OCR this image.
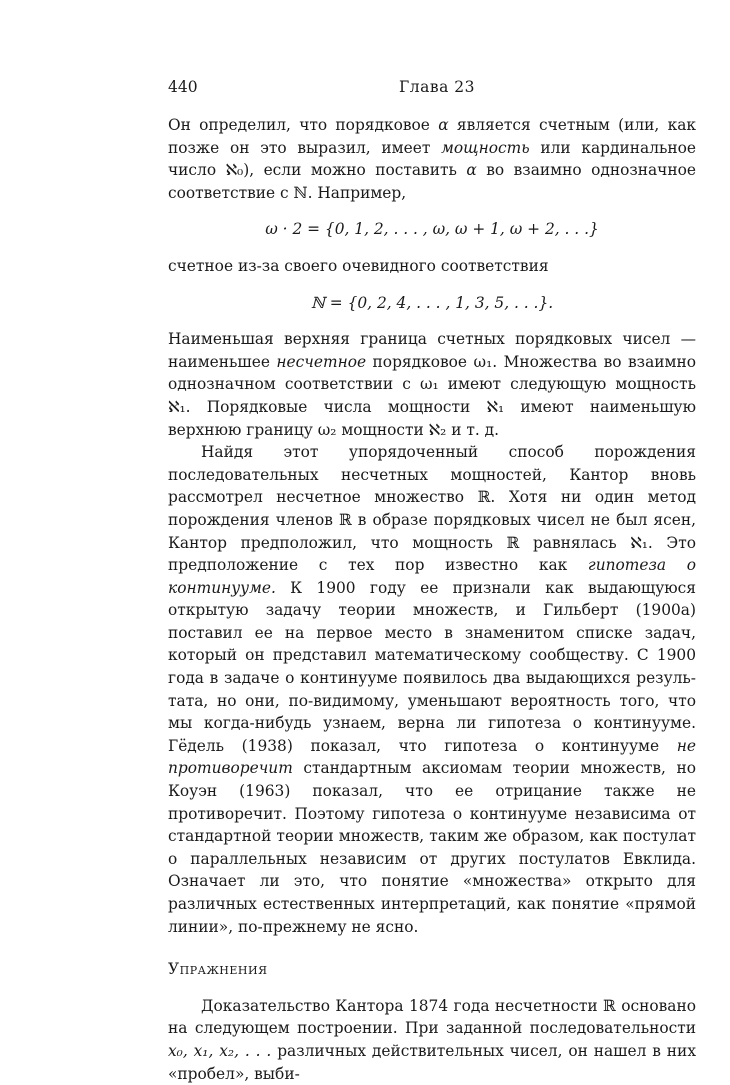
440	Глава 23

Он определил, что порядковое α является счетным (или, как позже он это выразил, имеет мощность или кардинальное число ℵ₀), если можно поставить α во взаимно однозначное соответствие с ℕ. Например,

ω · 2 = {0, 1, 2, . . . , ω, ω + 1, ω + 2, . . .}

счетное из-за своего очевидного соответствия

ℕ = {0, 2, 4, . . . , 1, 3, 5, . . .}.

Наименьшая верхняя граница счетных порядковых чисел — наименьшее несчетное порядковое ω₁. Множества во взаимно однозначном соответствии с ω₁ имеют следующую мощность ℵ₁. Порядковые числа мощности ℵ₁ имеют наименьшую верхнюю границу ω₂ мощности ℵ₂ и т. д.

Найдя этот упорядоченный способ порождения последовательных несчетных мощностей, Кантор вновь рассмотрел несчетное множество ℝ. Хотя ни один метод порождения членов ℝ в образе порядковых чисел не был ясен, Кантор предположил, что мощность ℝ равнялась ℵ₁. Это предположение с тех пор известно как гипотеза о континууме. К 1900 году ее признали как выдающуюся открытую задачу теории множеств, и Гильберт (1900a) поставил ее на первое место в знаменитом списке задач, который он представил математическому сообществу. С 1900 года в задаче о континууме появилось два выдающихся результата, но они, по-видимому, уменьшают вероятность того, что мы когда-нибудь узнаем, верна ли гипотеза о континууме. Гёдель (1938) показал, что гипотеза о континууме не противоречит стандартным аксиомам теории множеств, но Коуэн (1963) показал, что ее отрицание также не противоречит. Поэтому гипотеза о континууме независима от стандартной теории множеств, таким же образом, как постулат о параллельных независим от других постулатов Евклида. Означает ли это, что понятие «множества» открыто для различных естественных интерпретаций, как понятие «прямой линии», по-прежнему не ясно.

Упражнения

Доказательство Кантора 1874 года несчетности ℝ основано на следующем построении. При заданной последовательности x₀, x₁, x₂, . . . различных действительных чисел, он нашел в них «пробел», выби-
